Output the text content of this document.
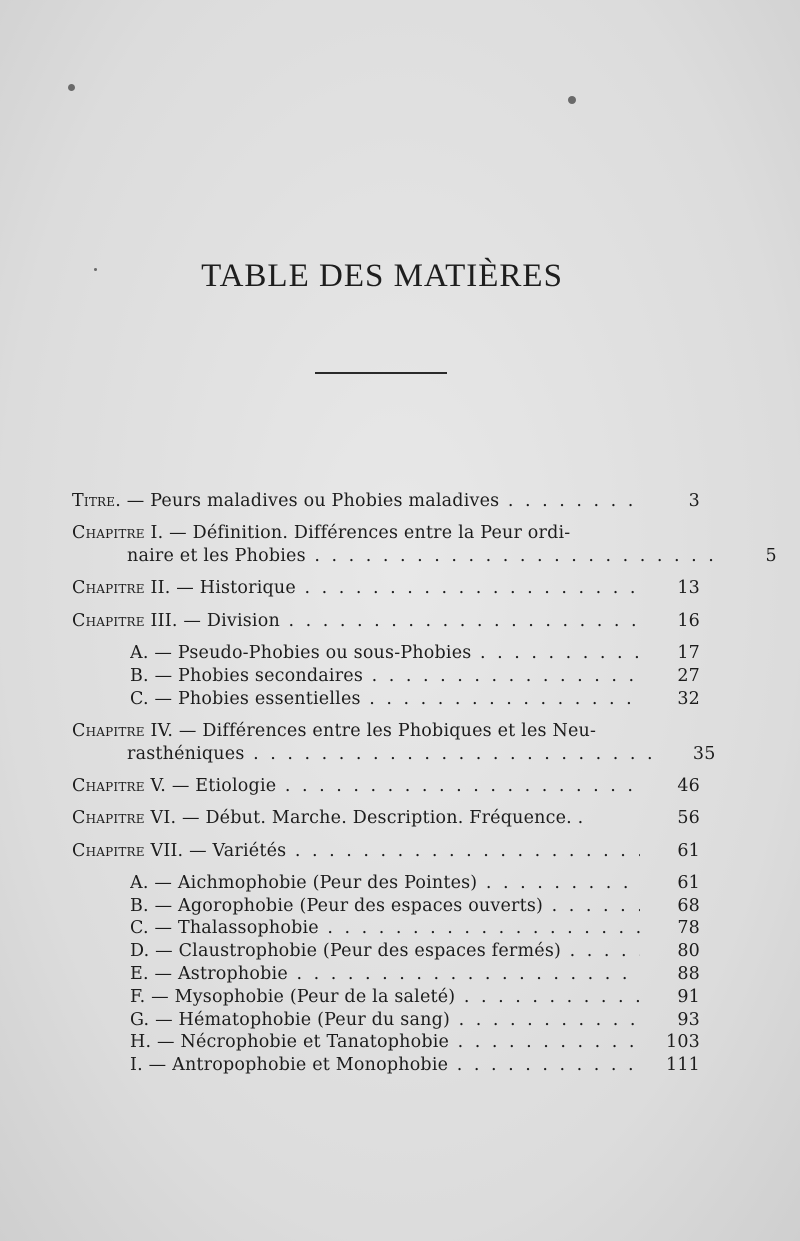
TABLE DES MATIÈRES
Titre. — Peurs maladives ou Phobies maladives . . .	3
Chapitre I. — Définition. Différences entre la Peur ordi-
naire et les Phobies . . .	5
Chapitre II. — Historique . . .	13
Chapitre III. — Division . . .	16
A. — Pseudo-Phobies ou sous-Phobies . . .	17
B. — Phobies secondaires . . .	27
C. — Phobies essentielles . . .	32
Chapitre IV. — Différences entre les Phobiques et les Neu-
rasthéniques . . .	35
Chapitre V. — Etiologie . . .	46
Chapitre VI. — Début. Marche. Description. Fréquence. .	56
Chapitre VII. — Variétés . . .	61
A. — Aichmophobie (Peur des Pointes) . . .	61
B. — Agorophobie (Peur des espaces ouverts) . . .	68
C. — Thalassophobie . . .	78
D. — Claustrophobie (Peur des espaces fermés) . . .	80
E. — Astrophobie . . .	88
F. — Mysophobie (Peur de la saleté) . . .	91
G. — Hématophobie (Peur du sang) . . .	93
H. — Nécrophobie et Tanatophobie . . .	103
I. — Antropophobie et Monophobie . . .	111
